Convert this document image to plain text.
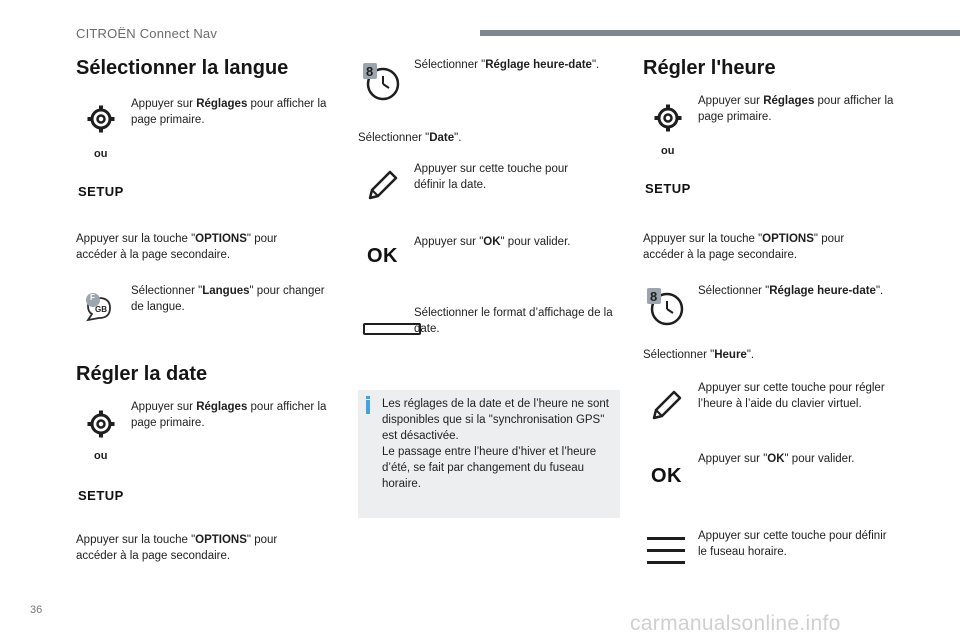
CITROËN Connect Nav
Sélectionner la langue
Appuyer sur Réglages pour afficher la page primaire.
ou
SETUP
Appuyer sur la touche "OPTIONS" pour accéder à la page secondaire.
F
GB
Sélectionner "Langues" pour changer de langue.
Régler la date
Appuyer sur Réglages pour afficher la page primaire.
ou
SETUP
Appuyer sur la touche "OPTIONS" pour accéder à la page secondaire.
8	Sélectionner "Réglage heure-date".
Sélectionner "Date".
Appuyer sur cette touche pour définir la date.
OK
Appuyer sur "OK" pour valider.
Sélectionner le format d’affichage de la date.
Les réglages de la date et de l’heure ne sont disponibles que si la "synchronisation GPS" est désactivée.
Le passage entre l’heure d’hiver et l’heure d’été, se fait par changement du fuseau horaire.
Régler l'heure
Appuyer sur Réglages pour afficher la page primaire.
ou
SETUP
Appuyer sur la touche "OPTIONS" pour accéder à la page secondaire.
8	Sélectionner "Réglage heure-date".
Sélectionner "Heure".
Appuyer sur cette touche pour régler l’heure à l’aide du clavier virtuel.
OK
Appuyer sur "OK" pour valider.
Appuyer sur cette touche pour définir le fuseau horaire.
36
carmanualsonline.info
